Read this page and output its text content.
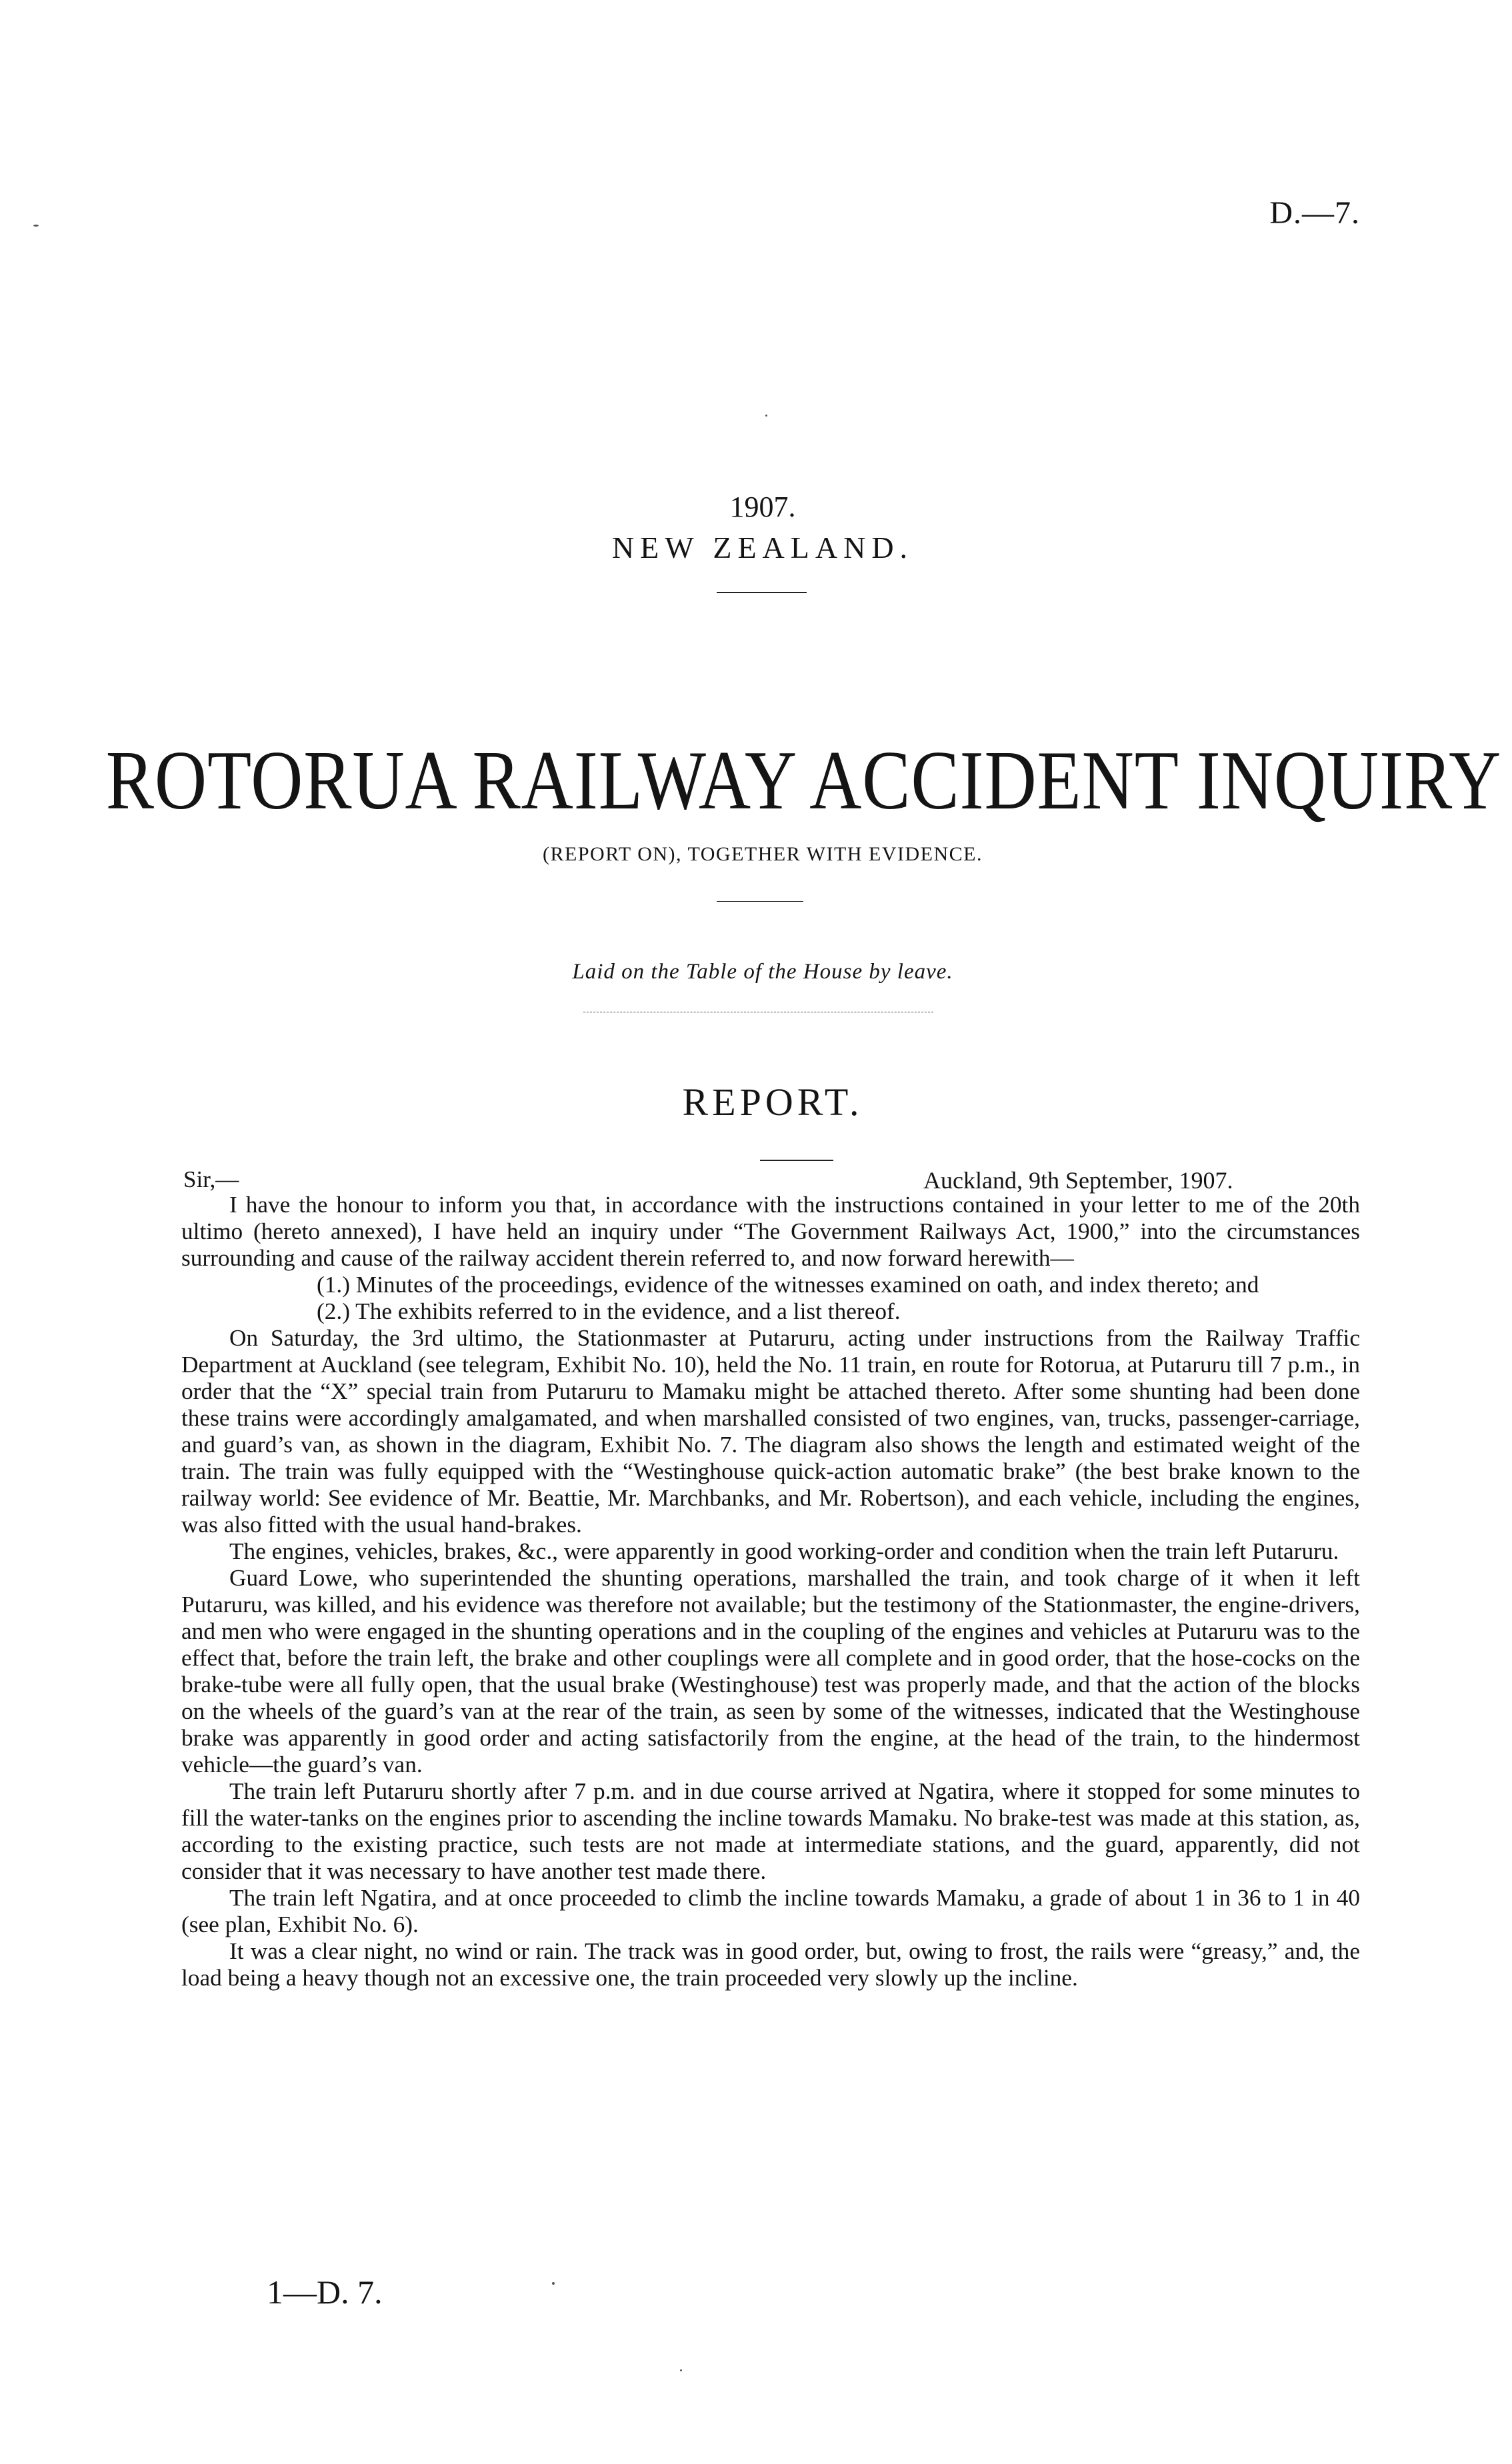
D.—7.
1907.
NEW ZEALAND.
ROTORUA RAILWAY ACCIDENT INQUIRY
(REPORT ON), TOGETHER WITH EVIDENCE.
Laid on the Table of the House by leave.
REPORT.
Sir,—	Auckland, 9th September, 1907.

I have the honour to inform you that, in accordance with the instructions contained in your letter to me of the 20th ultimo (hereto annexed), I have held an inquiry under “The Government Railways Act, 1900,” into the circumstances surrounding and cause of the railway accident therein referred to, and now forward herewith—

(1.) Minutes of the proceedings, evidence of the witnesses examined on oath, and index thereto; and

(2.) The exhibits referred to in the evidence, and a list thereof.

On Saturday, the 3rd ultimo, the Stationmaster at Putaruru, acting under instructions from the Railway Traffic Department at Auckland (see telegram, Exhibit No. 10), held the No. 11 train, en route for Rotorua, at Putaruru till 7 p.m., in order that the “X” special train from Putaruru to Mamaku might be attached thereto. After some shunting had been done these trains were accordingly amalgamated, and when marshalled consisted of two engines, van, trucks, passenger-carriage, and guard’s van, as shown in the diagram, Exhibit No. 7. The diagram also shows the length and estimated weight of the train. The train was fully equipped with the “Westinghouse quick-action automatic brake” (the best brake known to the railway world: See evidence of Mr. Beattie, Mr. Marchbanks, and Mr. Robertson), and each vehicle, including the engines, was also fitted with the usual hand-brakes.

The engines, vehicles, brakes, &c., were apparently in good working-order and condition when the train left Putaruru.

Guard Lowe, who superintended the shunting operations, marshalled the train, and took charge of it when it left Putaruru, was killed, and his evidence was therefore not available; but the testimony of the Stationmaster, the engine-drivers, and men who were engaged in the shunting operations and in the coupling of the engines and vehicles at Putaruru was to the effect that, before the train left, the brake and other couplings were all complete and in good order, that the hose-cocks on the brake-tube were all fully open, that the usual brake (Westinghouse) test was properly made, and that the action of the blocks on the wheels of the guard’s van at the rear of the train, as seen by some of the witnesses, indicated that the Westinghouse brake was apparently in good order and acting satisfactorily from the engine, at the head of the train, to the hindermost vehicle—the guard’s van.

The train left Putaruru shortly after 7 p.m. and in due course arrived at Ngatira, where it stopped for some minutes to fill the water-tanks on the engines prior to ascending the incline towards Mamaku. No brake-test was made at this station, as, according to the existing practice, such tests are not made at intermediate stations, and the guard, apparently, did not consider that it was necessary to have another test made there.

The train left Ngatira, and at once proceeded to climb the incline towards Mamaku, a grade of about 1 in 36 to 1 in 40 (see plan, Exhibit No. 6).

It was a clear night, no wind or rain. The track was in good order, but, owing to frost, the rails were “greasy,” and, the load being a heavy though not an excessive one, the train proceeded very slowly up the incline.

1—D. 7.
